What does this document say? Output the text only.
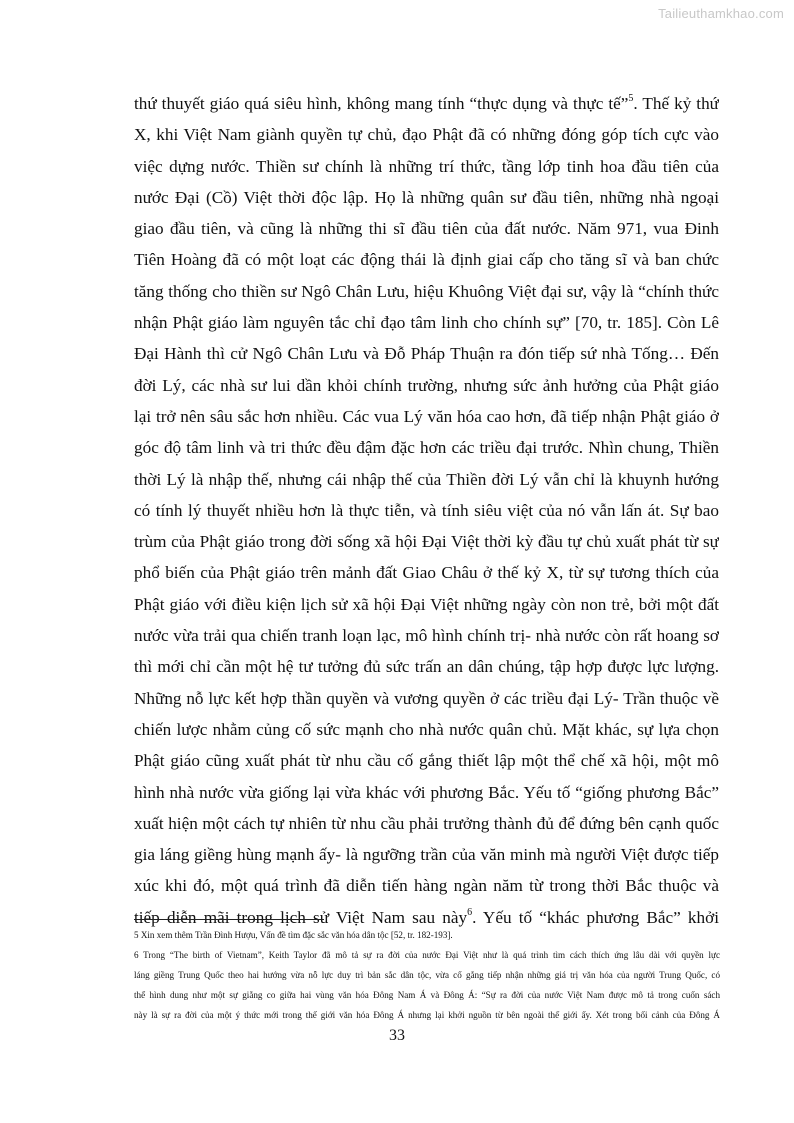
Tailieuthamkhao.com
thứ thuyết giáo quá siêu hình, không mang tính “thực dụng và thực tế”$^5$. Thế kỷ thứ
X, khi Việt Nam giành quyền tự chủ, đạo Phật đã có những đóng góp tích cực vào
việc dựng nước. Thiền sư chính là những trí thức, tầng lớp tinh hoa đầu tiên của
nước Đại (Cồ) Việt thời độc lập. Họ là những quân sư đầu tiên, những nhà ngoại
giao đầu tiên, và cũng là những thi sĩ đầu tiên của đất nước. Năm 971, vua Đinh
Tiên Hoàng đã có một loạt các động thái là định giai cấp cho tăng sĩ và ban chức
tăng thống cho thiền sư Ngô Chân Lưu, hiệu Khuông Việt đại sư, vậy là “chính thức
nhận Phật giáo làm nguyên tắc chỉ đạo tâm linh cho chính sự” [70, tr. 185]. Còn Lê
Đại Hành thì cử Ngô Chân Lưu và Đỗ Pháp Thuận ra đón tiếp sứ nhà Tống… Đến
đời Lý, các nhà sư lui dần khỏi chính trường, nhưng sức ảnh hưởng của Phật giáo
lại trở nên sâu sắc hơn nhiều. Các vua Lý văn hóa cao hơn, đã tiếp nhận Phật giáo ở
góc độ tâm linh và tri thức đều đậm đặc hơn các triều đại trước. Nhìn chung, Thiền
thời Lý là nhập thế, nhưng cái nhập thế của Thiền đời Lý vẫn chỉ là khuynh hướng
có tính lý thuyết nhiều hơn là thực tiễn, và tính siêu việt của nó vẫn lấn át. Sự bao
trùm của Phật giáo trong đời sống xã hội Đại Việt thời kỳ đầu tự chủ xuất phát từ sự
phổ biến của Phật giáo trên mảnh đất Giao Châu ở thế kỷ X, từ sự tương thích của
Phật giáo với điều kiện lịch sử xã hội Đại Việt những ngày còn non trẻ, bởi một đất
nước vừa trải qua chiến tranh loạn lạc, mô hình chính trị- nhà nước còn rất hoang sơ
thì mới chỉ cần một hệ tư tưởng đủ sức trấn an dân chúng, tập hợp được lực lượng.
Những nỗ lực kết hợp thần quyền và vương quyền ở các triều đại Lý- Trần thuộc về
chiến lược nhằm củng cố sức mạnh cho nhà nước quân chủ. Mặt khác, sự lựa chọn
Phật giáo cũng xuất phát từ nhu cầu cố gắng thiết lập một thể chế xã hội, một mô
hình nhà nước vừa giống lại vừa khác với phương Bắc. Yếu tố “giống phương Bắc”
xuất hiện một cách tự nhiên từ nhu cầu phải trưởng thành đủ để đứng bên cạnh quốc
gia láng giềng hùng mạnh ấy- là ngưỡng trần của văn minh mà người Việt được tiếp
xúc khi đó, một quá trình đã diễn tiến hàng ngàn năm từ trong thời Bắc thuộc và
tiếp diễn mãi trong lịch sử Việt Nam sau này$^6$. Yếu tố “khác phương Bắc” khởi
5 Xin xem thêm Trần Đình Hượu, Vấn đề tìm đặc sắc văn hóa dân tộc [52, tr. 182-193].
6 Trong “The birth of Vietnam”, Keith Taylor đã mô tả sự ra đời của nước Đại Việt như là quá trình tìm cách thích ứng lâu dài với quyền lực
láng giềng Trung Quốc theo hai hướng vừa nỗ lực duy trì bản sắc dân tộc, vừa cố gắng tiếp nhận những giá trị văn hóa của người Trung Quốc, có
thể hình dung như một sự giằng co giữa hai vùng văn hóa Đông Nam Á và Đông Á: “Sự ra đời của nước Việt Nam được mô tả trong cuốn sách
này là sự ra đời của một ý thức mới trong thế giới văn hóa Đông Á nhưng lại khởi nguồn từ bên ngoài thế giới ấy. Xét trong bối cảnh của Đông Á
33
